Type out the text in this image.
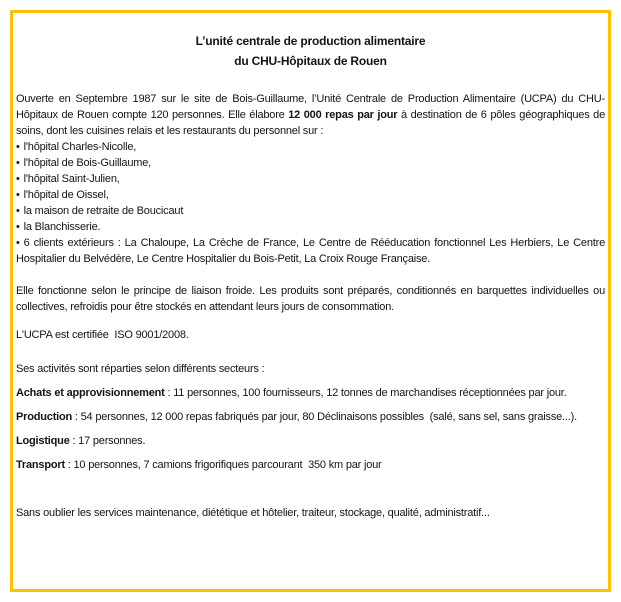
L’unité centrale de production alimentaire
du CHU-Hôpitaux de Rouen

Ouverte en Septembre 1987 sur le site de Bois-Guillaume, l’Unité Centrale de Production Alimentaire (UCPA) du CHU-Hôpitaux de Rouen compte 120 personnes. Elle élabore 12 000 repas par jour à destination de 6 pôles géographiques de soins, dont les cuisines relais et les restaurants du personnel sur :

• l'hôpital Charles-Nicolle,
• l'hôpital de Bois-Guillaume,
• l'hôpital Saint-Julien,
• l'hôpital de Oissel,
• la maison de retraite de Boucicaut
• la Blanchisserie.
• 6 clients extérieurs : La Chaloupe, La Crèche de France, Le Centre de Rééducation fonctionnel Les Herbiers, Le Centre Hospitalier du Belvédère, Le Centre Hospitalier du Bois-Petit, La Croix Rouge Française.

Elle fonctionne selon le principe de liaison froide. Les produits sont préparés, conditionnés en barquettes individuelles ou collectives, refroidis pour être stockés en attendant leurs jours de consommation.

L'UCPA est certifiée  ISO 9001/2008.

Ses activités sont réparties selon différents secteurs :

Achats et approvisionnement : 11 personnes, 100 fournisseurs, 12 tonnes de marchandises réceptionnées par jour.

Production : 54 personnes, 12 000 repas fabriqués par jour, 80 Déclinaisons possibles  (salé, sans sel, sans graisse...).

Logistique : 17 personnes.

Transport : 10 personnes, 7 camions frigorifiques parcourant  350 km par jour

Sans oublier les services maintenance, diététique et hôtelier, traiteur, stockage, qualité, administratif...
